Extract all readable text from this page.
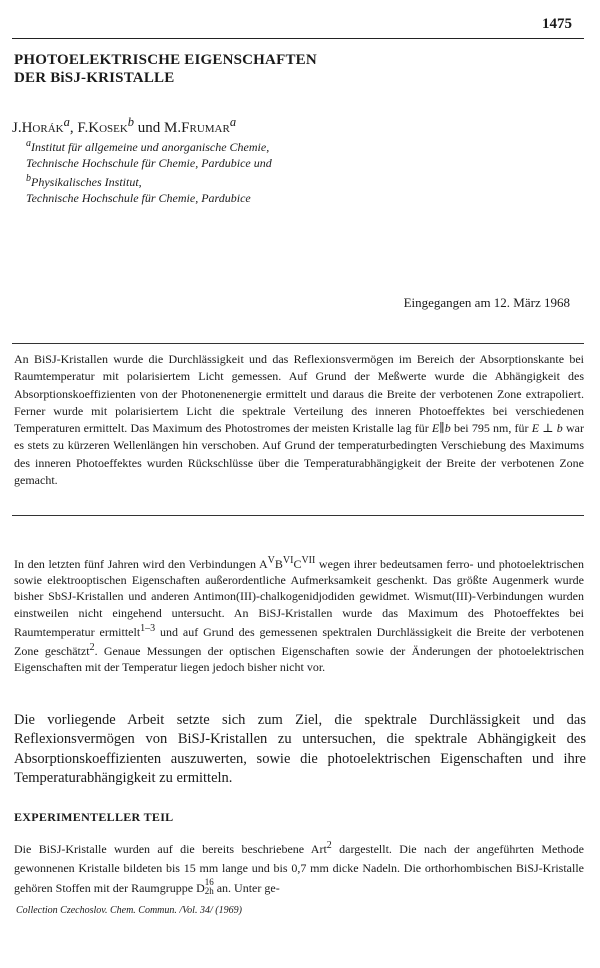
1475
PHOTOELEKTRISCHE EIGENSCHAFTEN
DER BiSJ-KRISTALLE
J.Horák$^a$, F.Kosek$^b$ und M.Frumar$^a$
$^a$Institut für allgemeine und anorganische Chemie,
Technische Hochschule für Chemie, Pardubice und
$^b$Physikalisches Institut,
Technische Hochschule für Chemie, Pardubice
Eingegangen am 12. März 1968

An BiSJ-Kristallen wurde die Durchlässigkeit und das Reflexionsvermögen im Bereich der Absorptionskante bei Raumtemperatur mit polarisiertem Licht gemessen. Auf Grund der Meßwerte wurde die Abhängigkeit des Absorptionskoeffizienten von der Photonenenergie ermittelt und daraus die Breite der verbotenen Zone extrapoliert. Ferner wurde mit polarisiertem Licht die spektrale Verteilung des inneren Photoeffektes bei verschiedenen Temperaturen ermittelt. Das Maximum des Photostromes der meisten Kristalle lag für E∥b bei 795 nm, für E ⊥ b war es stets zu kürzeren Wellenlängen hin verschoben. Auf Grund der temperaturbedingten Verschiebung des Maximums des inneren Photoeffektes wurden Rückschlüsse über die Temperaturabhängigkeit der Breite der verbotenen Zone gemacht.

In den letzten fünf Jahren wird den Verbindungen $A^VB^{VI}C^{VII}$ wegen ihrer bedeutsamen ferro- und photoelektrischen sowie elektrooptischen Eigenschaften außerordentliche Aufmerksamkeit geschenkt. Das größte Augenmerk wurde bisher SbSJ-Kristallen und anderen Antimon(III)-chalkogenidjodiden gewidmet. Wismut(III)-Verbindungen wurden einstweilen nicht eingehend untersucht. An BiSJ-Kristallen wurde das Maximum des Photoeffektes bei Raumtemperatur ermittelt$^{1-3}$ und auf Grund des gemessenen spektralen Durchlässigkeit die Breite der verbotenen Zone geschätzt$^2$. Genaue Messungen der optischen Eigenschaften sowie der Änderungen der photoelektrischen Eigenschaften mit der Temperatur liegen jedoch bisher nicht vor.

Die vorliegende Arbeit setzte sich zum Ziel, die spektrale Durchlässigkeit und das Reflexionsvermögen von BiSJ-Kristallen zu untersuchen, die spektrale Abhängigkeit des Absorptionskoeffizienten auszuwerten, sowie die photoelektrischen Eigenschaften und ihre Temperaturabhängigkeit zu ermitteln.

EXPERIMENTELLER TEIL

Die BiSJ-Kristalle wurden auf die bereits beschriebene Art$^2$ dargestellt. Die nach der angeführten Methode gewonnenen Kristalle bildeten bis 15 mm lange und bis 0,7 mm dicke Nadeln. Die orthorhombischen BiSJ-Kristalle gehören Stoffen mit der Raumgruppe D 16
2h an. Unter ge-

Collection Czechoslov. Chem. Commun. /Vol. 34/ (1969)
